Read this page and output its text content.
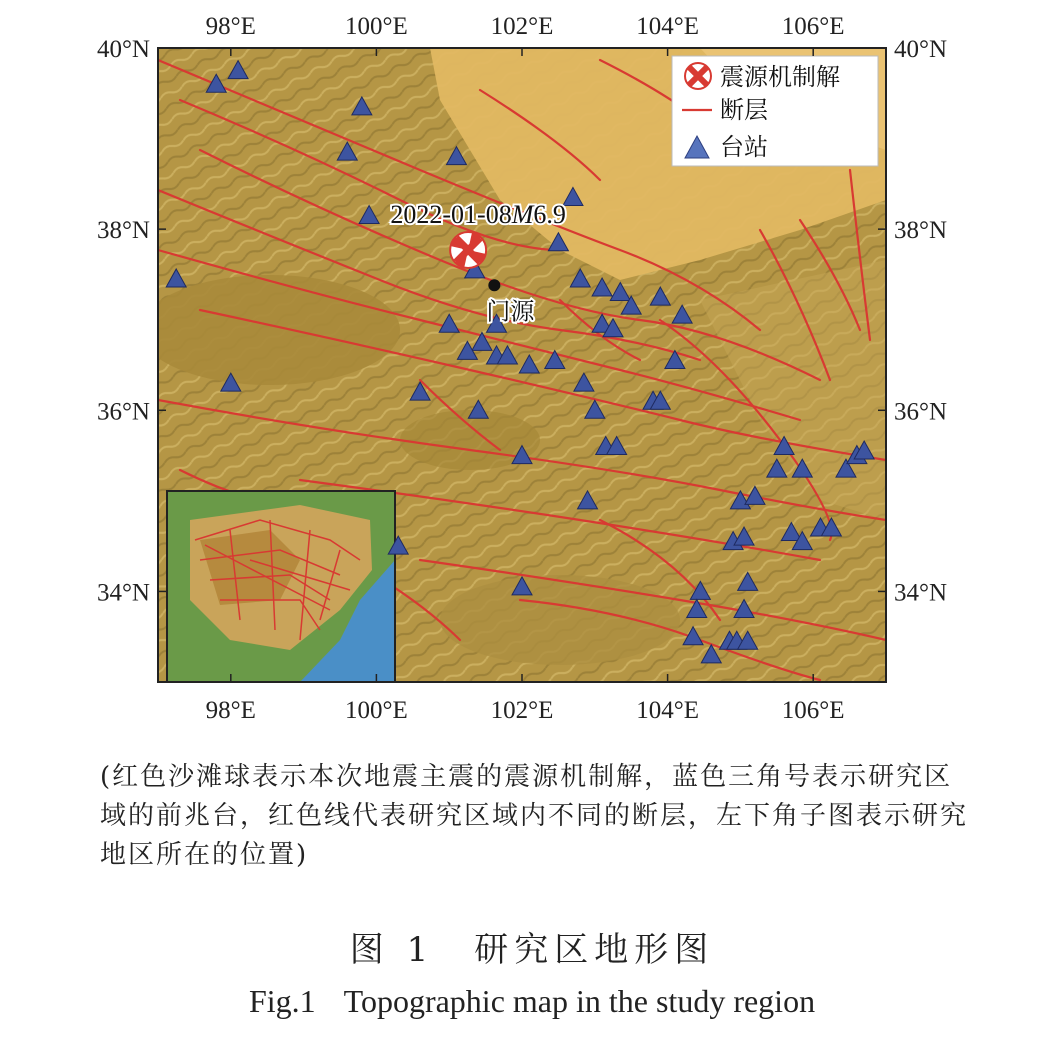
门源
2022-01-08M6.9
震源机制解
断层
台站
98°E
98°E
100°E
100°E
102°E
102°E
104°E
104°E
106°E
106°E
40°N	40°N
38°N	38°N
36°N	36°N
34°N	34°N
(红色沙滩球表示本次地震主震的震源机制解，蓝色三角号表示研究区域的前兆台，红色线代表研究区域内不同的断层，左下角子图表示研究地区所在的位置)
图 1　研究区地形图
Fig.1 Topographic map in the study region
